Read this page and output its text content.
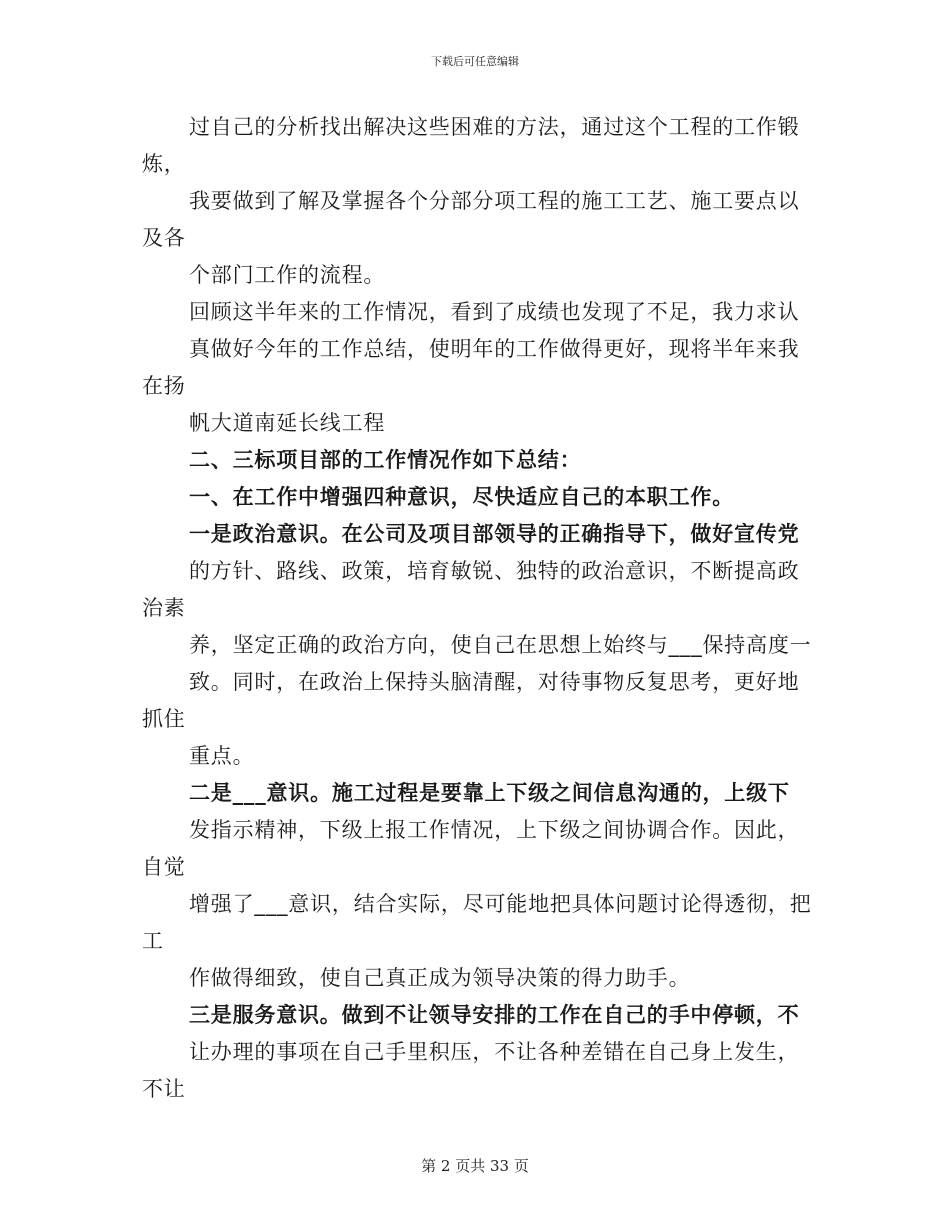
下载后可任意编辑
过自己的分析找出解决这些困难的方法，通过这个工程的工作锻
炼，
我要做到了解及掌握各个分部分项工程的施工工艺、施工要点以
及各
个部门工作的流程。
回顾这半年来的工作情况，看到了成绩也发现了不足，我力求认
真做好今年的工作总结，使明年的工作做得更好，现将半年来我
在扬
帆大道南延长线工程
二、三标项目部的工作情况作如下总结：
一、在工作中增强四种意识，尽快适应自己的本职工作。
一是政治意识。在公司及项目部领导的正确指导下，做好宣传党
的方针、路线、政策，培育敏锐、独特的政治意识，不断提高政
治素
养，坚定正确的政治方向，使自己在思想上始终与___保持高度一
致。同时，在政治上保持头脑清醒，对待事物反复思考，更好地
抓住
重点。
二是___意识。施工过程是要靠上下级之间信息沟通的，上级下
发指示精神，下级上报工作情况，上下级之间协调合作。因此，
自觉
增强了___意识，结合实际，尽可能地把具体问题讨论得透彻，把
工
作做得细致，使自己真正成为领导决策的得力助手。
三是服务意识。做到不让领导安排的工作在自己的手中停顿，不
让办理的事项在自己手里积压，不让各种差错在自己身上发生，
不让
第 2 页共 33 页
